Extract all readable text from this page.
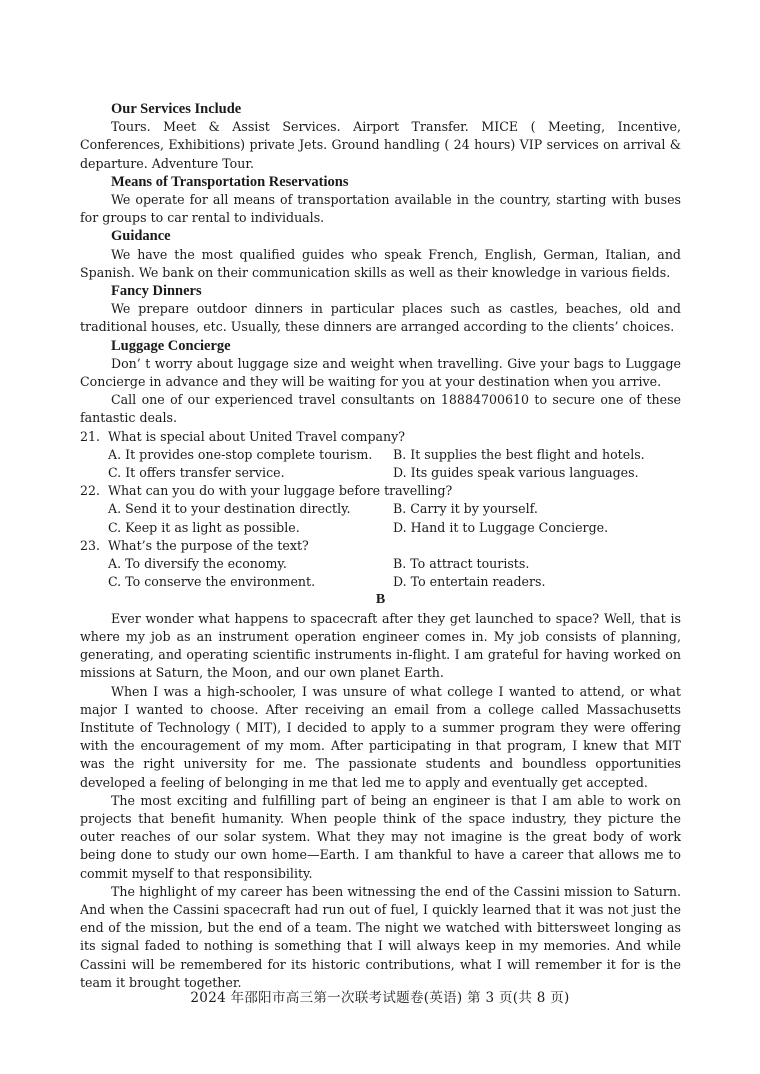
Our Services Include

Tours. Meet & Assist Services. Airport Transfer. MICE ( Meeting, Incentive, Conferences, Exhibitions) private Jets. Ground handling ( 24 hours) VIP services on arrival & departure. Adventure Tour.

Means of Transportation Reservations

We operate for all means of transportation available in the country, starting with buses for groups to car rental to individuals.

Guidance

We have the most qualified guides who speak French, English, German, Italian, and Spanish. We bank on their communication skills as well as their knowledge in various fields.

Fancy Dinners

We prepare outdoor dinners in particular places such as castles, beaches, old and traditional houses, etc. Usually, these dinners are arranged according to the clients’ choices.

Luggage Concierge

Don’ t worry about luggage size and weight when travelling. Give your bags to Luggage Concierge in advance and they will be waiting for you at your destination when you arrive.

Call one of our experienced travel consultants on 18884700610 to secure one of these fantastic deals.

21. What is special about United Travel company?
A. It provides one-stop complete tourism.	B. It supplies the best flight and hotels.
C. It offers transfer service.	D. Its guides speak various languages.
22. What can you do with your luggage before travelling?
A. Send it to your destination directly.	B. Carry it by yourself.
C. Keep it as light as possible.	D. Hand it to Luggage Concierge.
23. What’s the purpose of the text?
A. To diversify the economy.	B. To attract tourists.
C. To conserve the environment.	D. To entertain readers.
B

Ever wonder what happens to spacecraft after they get launched to space? Well, that is where my job as an instrument operation engineer comes in. My job consists of planning, generating, and operating scientific instruments in-flight. I am grateful for having worked on missions at Saturn, the Moon, and our own planet Earth.

When I was a high-schooler, I was unsure of what college I wanted to attend, or what major I wanted to choose. After receiving an email from a college called Massachusetts Institute of Technology ( MIT), I decided to apply to a summer program they were offering with the encouragement of my mom. After participating in that program, I knew that MIT was the right university for me. The passionate students and boundless opportunities developed a feeling of belonging in me that led me to apply and eventually get accepted.

The most exciting and fulfilling part of being an engineer is that I am able to work on projects that benefit humanity. When people think of the space industry, they picture the outer reaches of our solar system. What they may not imagine is the great body of work being done to study our own home—Earth. I am thankful to have a career that allows me to commit myself to that responsibility.

The highlight of my career has been witnessing the end of the Cassini mission to Saturn. And when the Cassini spacecraft had run out of fuel, I quickly learned that it was not just the end of the mission, but the end of a team. The night we watched with bittersweet longing as its signal faded to nothing is something that I will always keep in my memories. And while Cassini will be remembered for its historic contributions, what I will remember it for is the team it brought together.

2024 年邵阳市高三第一次联考试题卷(英语) 第 3 页(共 8 页)
